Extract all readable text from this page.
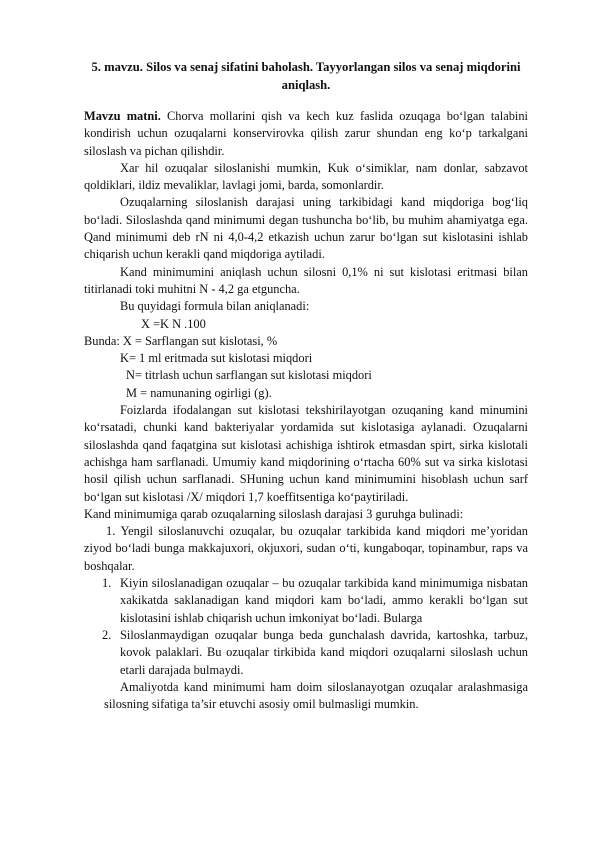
5. mavzu. Silos va senaj sifatini baholash. Tayyorlangan silos va senaj miqdorini aniqlash.

Mavzu matni. Chorva mollarini qish va kech kuz faslida ozuqaga bo‘lgan talabini kondirish uchun ozuqalarni konservirovka qilish zarur shundan eng ko‘p tarkalgani siloslash va pichan qilishdir.

Xar hil ozuqalar siloslanishi mumkin, Kuk o‘simiklar, nam donlar, sabzavot qoldiklari, ildiz mevaliklar, lavlagi jomi, barda, somonlardir.

Ozuqalarning siloslanish darajasi uning tarkibidagi kand miqdoriga bog‘liq bo‘ladi. Siloslashda qand minimumi degan tushuncha bo‘lib, bu muhim ahamiyatga ega. Qand minimumi deb rN ni 4,0-4,2 etkazish uchun zarur bo‘lgan sut kislotasini ishlab chiqarish uchun kerakli qand miqdoriga aytiladi.

Kand minimumini aniqlash uchun silosni 0,1% ni sut kislotasi eritmasi bilan titirlanadi toki muhitni N - 4,2 ga etguncha.

Bu quyidagi formula bilan aniqlanadi:

X =K N .100

Bunda: X = Sarflangan sut kislotasi, %

K= 1 ml eritmada sut kislotasi miqdori

N= titrlash uchun sarflangan sut kislotasi miqdori

M = namunaning ogirligi (g).

Foizlarda ifodalangan sut kislotasi tekshirilayotgan ozuqaning kand minumini ko‘rsatadi, chunki kand bakteriyalar yordamida sut kislotasiga aylanadi. Ozuqalarni siloslashda qand faqatgina sut kislotasi achishiga ishtirok etmasdan spirt, sirka kislotali achishga ham sarflanadi. Umumiy kand miqdorining o‘rtacha 60% sut va sirka kislotasi hosil qilish uchun sarflanadi. SHuning uchun kand minimumini hisoblash uchun sarf bo‘lgan sut kislotasi /X/ miqdori 1,7 koeffitsentiga ko‘paytiriladi.

Kand minimumiga qarab ozuqalarning siloslash darajasi 3 guruhga bulinadi:

1. Yengil siloslanuvchi ozuqalar, bu ozuqalar tarkibida kand miqdori me’yoridan ziyod bo‘ladi bunga makkajuxori, okjuxori, sudan o‘ti, kungaboqar, topinambur, raps va boshqalar.

1. Kiyin siloslanadigan ozuqalar – bu ozuqalar tarkibida kand minimumiga nisbatan xakikatda saklanadigan kand miqdori kam bo‘ladi, ammo kerakli bo‘lgan sut kislotasini ishlab chiqarish uchun imkoniyat bo‘ladi. Bularga

2. Siloslanmaydigan ozuqalar bunga beda gunchalash davrida, kartoshka, tarbuz, kovok palaklari. Bu ozuqalar tirkibida kand miqdori ozuqalarni siloslash uchun etarli darajada bulmaydi.

Amaliyotda kand minimumi ham doim siloslanayotgan ozuqalar aralashmasiga silosning sifatiga ta’sir etuvchi asosiy omil bulmasligi mumkin.
